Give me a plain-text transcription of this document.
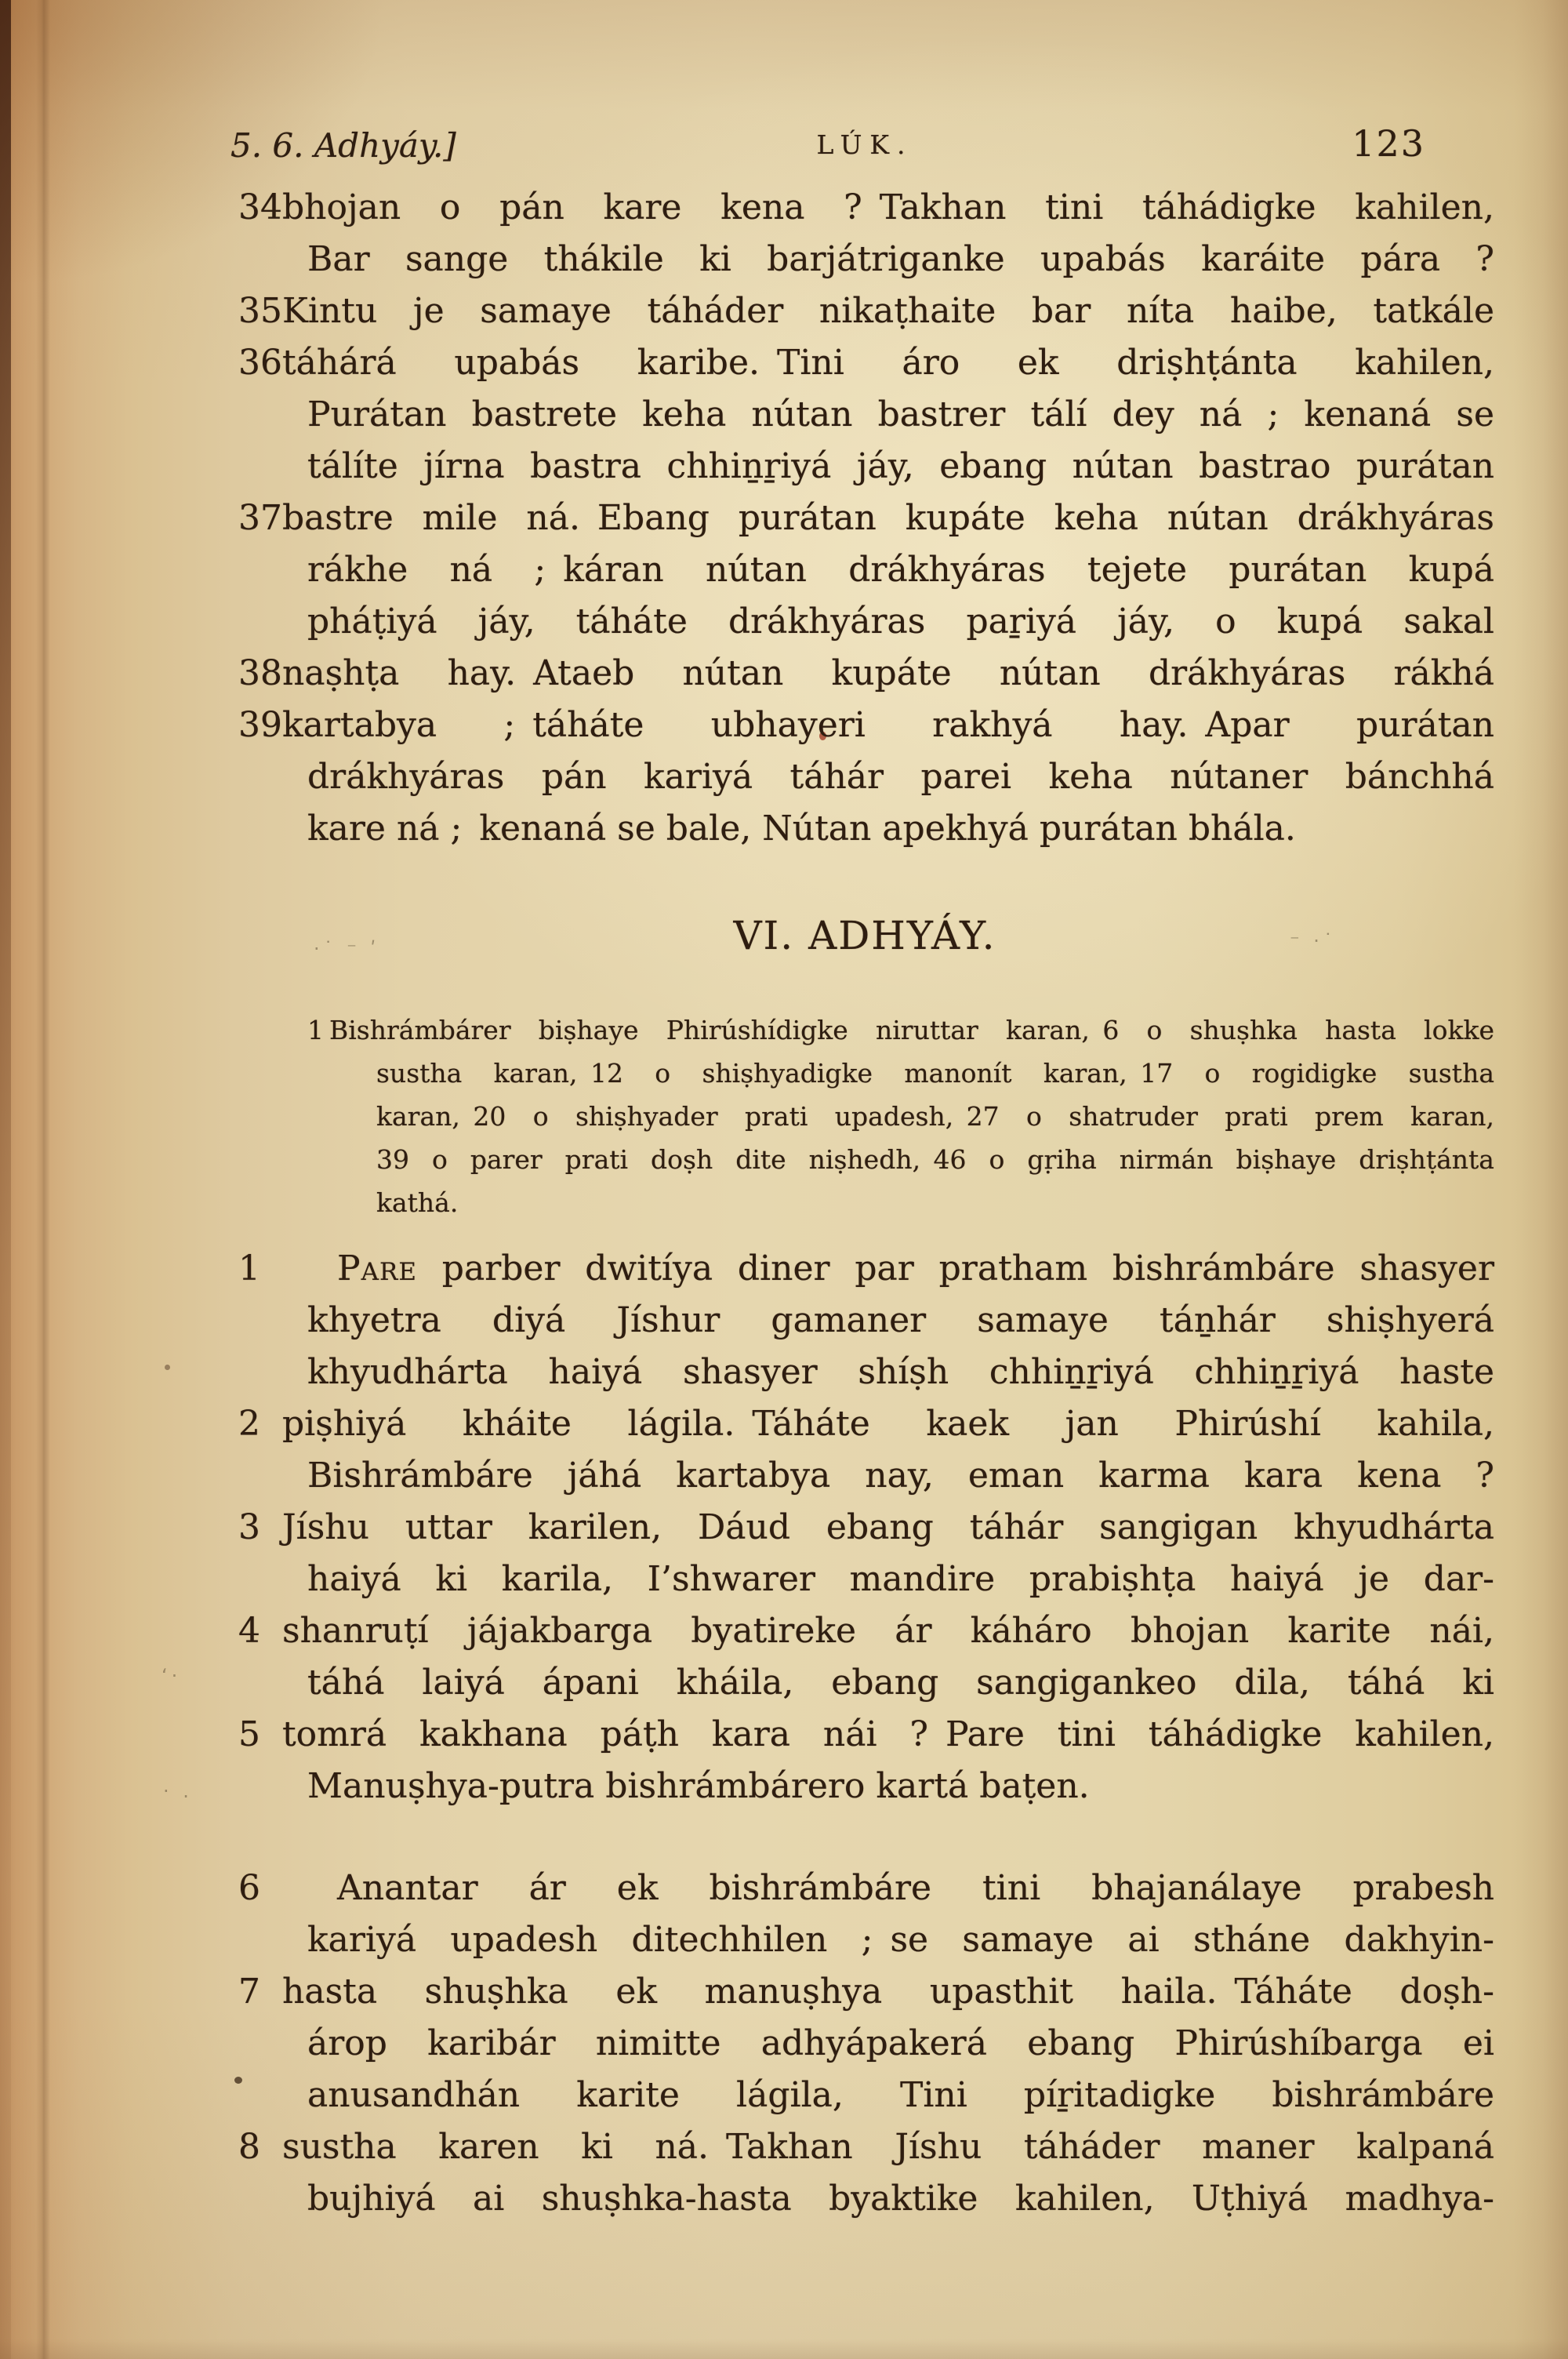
·˙ ⁻ ʹ	⁻ ·˙
ʻ·
· .
5. 6. Adhyáy.]	LÚK.	123
34 bhojan o pán kare kena ? Takhan tini táhádigke kahilen,
Bar sange thákile ki barjátriganke upabás karáite pára ?
35 Kintu je samaye táháder nikaṭhaite bar níta haibe, tatkále
36 táhárá upabás karibe. Tini áro ek driṣhṭánta kahilen,
Purátan bastrete keha nútan bastrer tálí dey ná ; kenaná se
tálíte jírna bastra chhiṉṟiyá jáy, ebang nútan bastrao purátan
37 bastre mile ná. Ebang purátan kupáte keha nútan drákhyáras
rákhe ná ; káran nútan drákhyáras tejete purátan kupá
pháṭiyá jáy, táháte drákhyáras paṟiyá jáy, o kupá sakal
38 naṣhṭa hay. Ataeb nútan kupáte nútan drákhyáras rákhá
39 kartabya ; táháte ubhayeri rakhyá hay. Apar purátan
drákhyáras pán kariyá táhár parei keha nútaner bánchhá
kare ná ; kenaná se bale, Nútan apekhyá purátan bhála.
VI. ADHYÁY.
1 Bishrámbárer biṣhaye Phirúshídigke niruttar karan, 6 o shuṣhka hasta lokke
sustha karan, 12 o shiṣhyadigke manonít karan, 17 o rogidigke sustha
karan, 20 o shiṣhyader prati upadesh, 27 o shatruder prati prem karan,
39 o parer prati doṣh dite niṣhedh, 46 o gṛiha nirmán biṣhaye driṣhṭánta
kathá.
1 Pare parber dwitíya diner par pratham bishrámbáre shasyer
khyetra diyá Jíshur gamaner samaye táṉhár shiṣhyerá
khyudhárta haiyá shasyer shíṣh chhiṉṟiyá chhiṉṟiyá haste
2 piṣhiyá kháite lágila. Táháte kaek jan Phirúshí kahila,
Bishrámbáre jáhá kartabya nay, eman karma kara kena ?
3 Jíshu uttar karilen, Dáud ebang táhár sangigan khyudhárta
haiyá ki karila, I’shwarer mandire prabiṣhṭa haiyá je dar-
4 shanruṭí jájakbarga byatireke ár káháro bhojan karite nái,
táhá laiyá ápani kháila, ebang sangigankeo dila, táhá ki
5 tomrá kakhana páṭh kara nái ? Pare tini táhádigke kahilen,
Manuṣhya-putra bishrámbárero kartá baṭen.
6 Anantar ár ek bishrámbáre tini bhajanálaye prabesh
kariyá upadesh ditechhilen ; se samaye ai stháne dakhyin-
7 hasta shuṣhka ek manuṣhya upasthit haila. Táháte doṣh-
árop karibár nimitte adhyápakerá ebang Phirúshíbarga ei
anusandhán karite lágila, Tini píṟitadigke bishrámbáre
8 sustha karen ki ná. Takhan Jíshu táháder maner kalpaná
bujhiyá ai shuṣhka-hasta byaktike kahilen, Uṭhiyá madhya-
